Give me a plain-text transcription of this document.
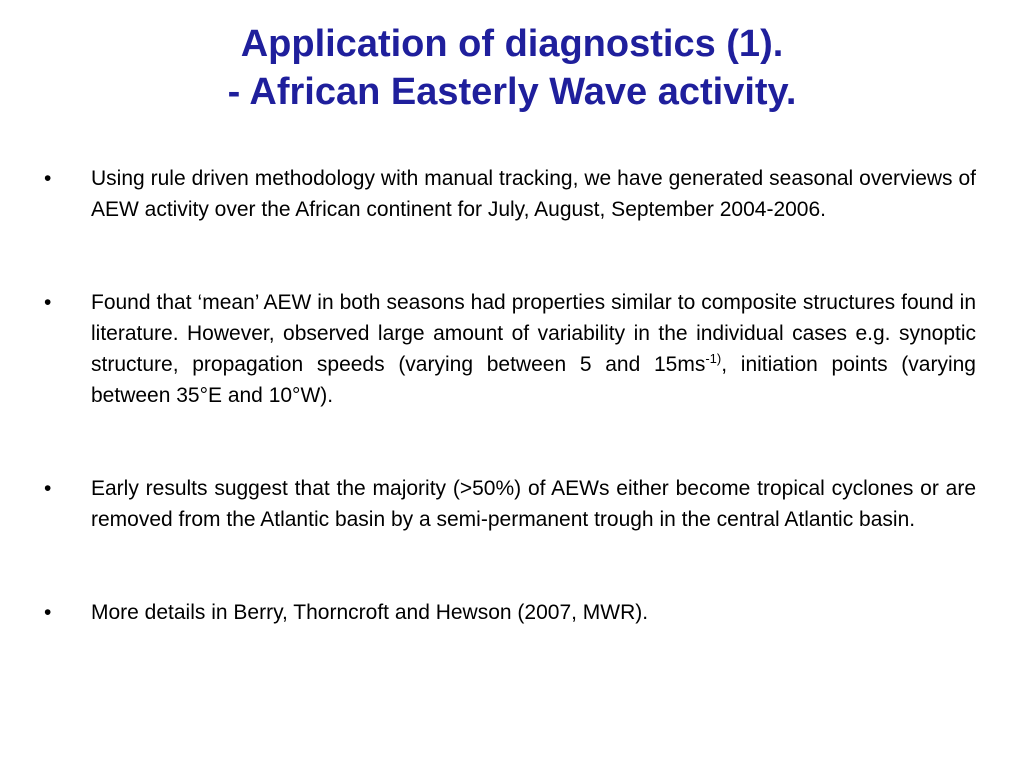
Application of diagnostics (1).
- African Easterly Wave activity.
•	Using rule driven methodology with manual tracking, we have generated seasonal overviews of AEW activity over the African continent for July, August, September 2004-2006.
•	Found that ‘mean’ AEW in both seasons had properties similar to composite structures found in literature. However, observed large amount of variability in the individual cases e.g. synoptic structure, propagation speeds (varying between 5 and $15ms^{-1)}$, initiation points (varying between 35°E and 10°W).
•	Early results suggest that the majority (>50%) of AEWs either become tropical cyclones or are removed from the Atlantic basin by a semi-permanent trough in the central Atlantic basin.
•	More details in Berry, Thorncroft and Hewson (2007, MWR).
